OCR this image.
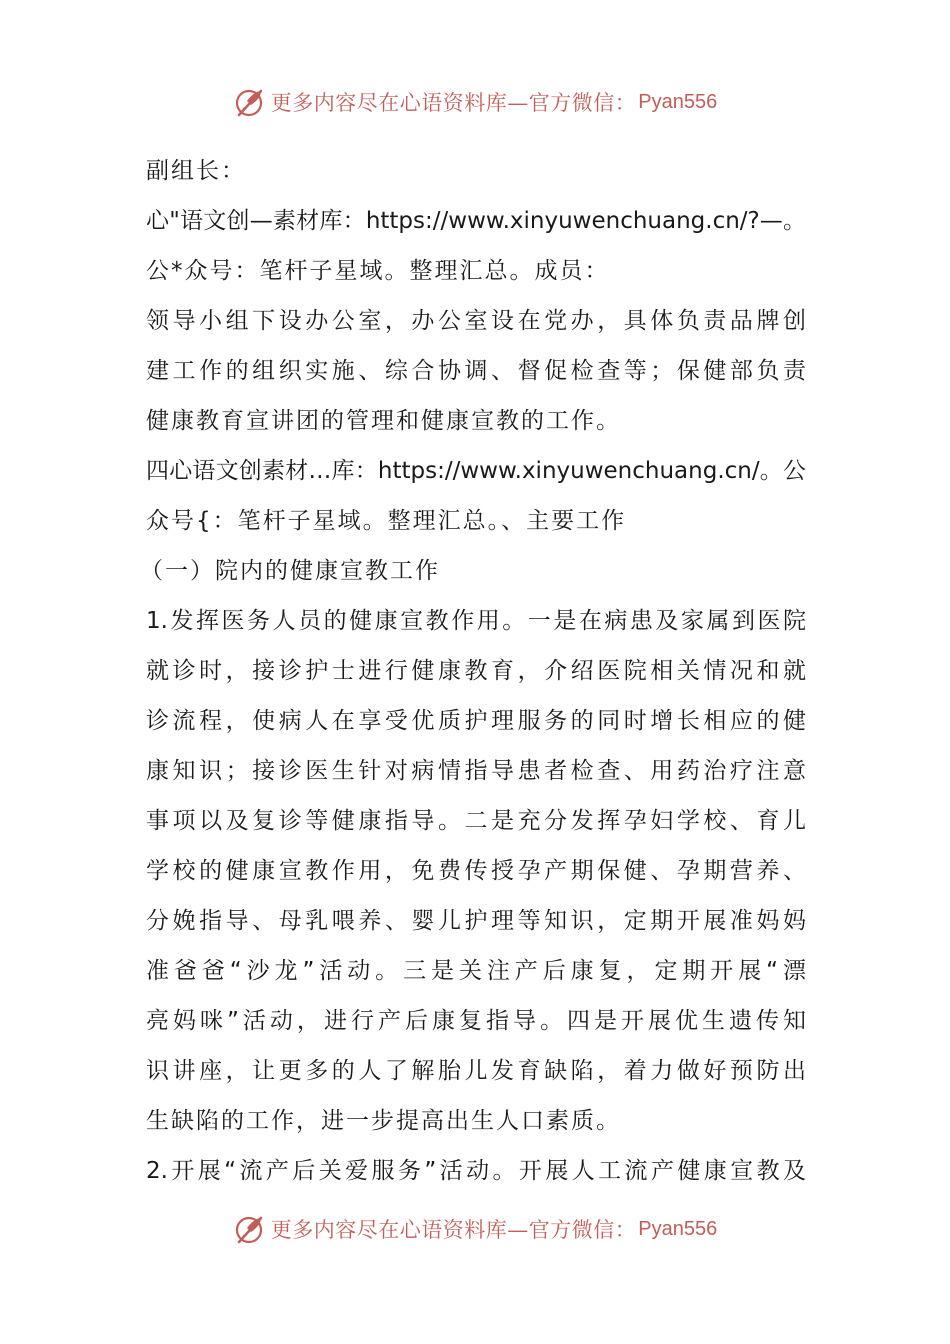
更多内容尽在心语资料库—官方微信： Pyan556
副组长：
心"语文创—素材库：https://www.xinyuwenchuang.cn/?—。
公*众号：笔杆子星域。整理汇总。成员：
领导小组下设办公室，办公室设在党办，具体负责品牌创
建工作的组织实施、综合协调、督促检查等；保健部负责
健康教育宣讲团的管理和健康宣教的工作。
四心语文创素材…库：https://www.xinyuwenchuang.cn/。公
众号{：笔杆子星域。整理汇总。、主要工作
（一）院内的健康宣教工作
1.发挥医务人员的健康宣教作用。一是在病患及家属到医院
就诊时，接诊护士进行健康教育，介绍医院相关情况和就
诊流程，使病人在享受优质护理服务的同时增长相应的健
康知识；接诊医生针对病情指导患者检查、用药治疗注意
事项以及复诊等健康指导。二是充分发挥孕妇学校、育儿
学校的健康宣教作用，免费传授孕产期保健、孕期营养、
分娩指导、母乳喂养、婴儿护理等知识，定期开展准妈妈
准爸爸“沙龙”活动。三是关注产后康复，定期开展“漂
亮妈咪”活动，进行产后康复指导。四是开展优生遗传知
识讲座，让更多的人了解胎儿发育缺陷，着力做好预防出
生缺陷的工作，进一步提高出生人口素质。
2.开展“流产后关爱服务”活动。开展人工流产健康宣教及
更多内容尽在心语资料库—官方微信： Pyan556
